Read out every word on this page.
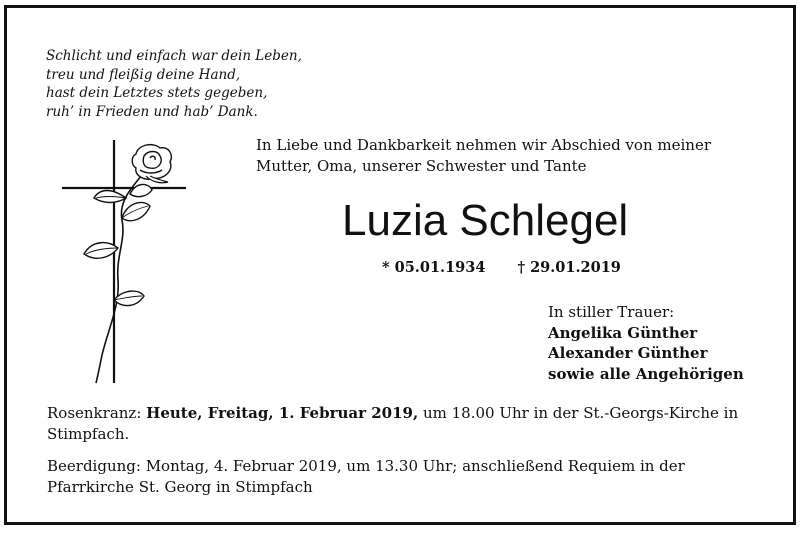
Schlicht und einfach war dein Leben,
treu und fleißig deine Hand,
hast dein Letztes stets gegeben,
ruh’ in Frieden und hab’ Dank.
In Liebe und Dankbarkeit nehmen wir Abschied von meiner
Mutter, Oma, unserer Schwester und Tante
Luzia Schlegel
* 05.01.1934 † 29.01.2019
In stiller Trauer:
Angelika Günther
Alexander Günther
sowie alle Angehörigen

Rosenkranz: Heute, Freitag, 1. Februar 2019, um 18.00 Uhr in der St.-Georgs-Kirche in Stimpfach.

Beerdigung: Montag, 4. Februar 2019, um 13.30 Uhr; anschließend Requiem in der Pfarrkirche St. Georg in Stimpfach
